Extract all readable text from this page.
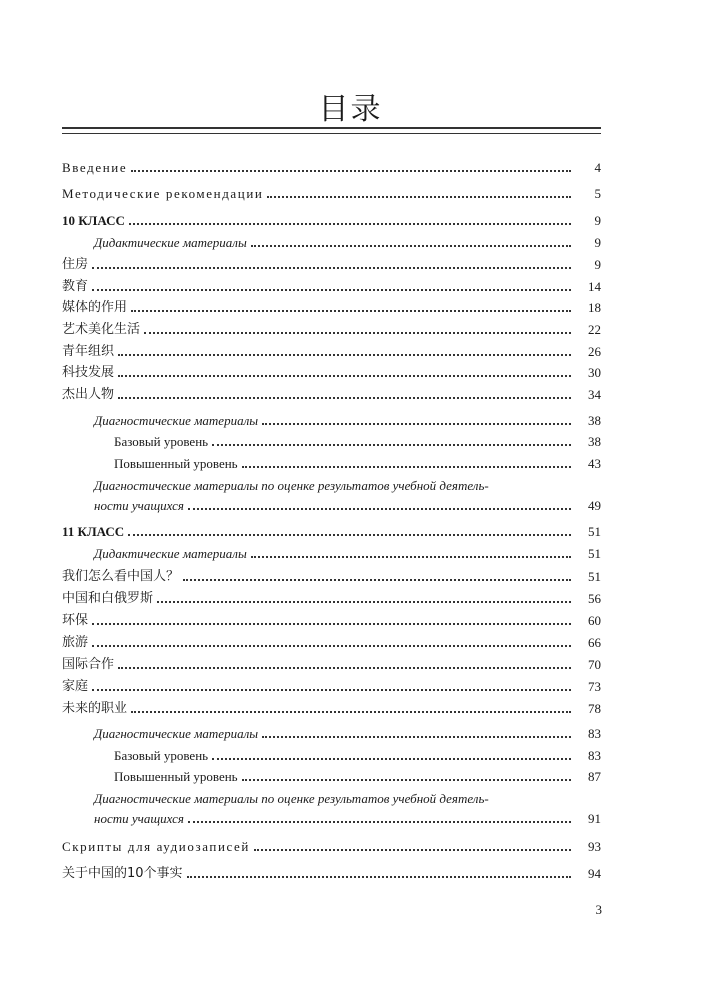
目录
Введение	4
Методические рекомендации	5
10 КЛАСС	9
Дидактические материалы	9
住房	9
教育	14
媒体的作用	18
艺术美化生活	22
青年组织	26
科技发展	30
杰出人物	34
Диагностические материалы	38
Базовый уровень	38
Повышенный уровень	43
Диагностические материалы по оценке результатов учебной деятель-
ности учащихся	49
11 КЛАСС	51
Дидактические материалы	51
我们怎么看中国人？	51
中国和白俄罗斯	56
环保	60
旅游	66
国际合作	70
家庭	73
未来的职业	78
Диагностические материалы	83
Базовый уровень	83
Повышенный уровень	87
Диагностические материалы по оценке результатов учебной деятель-
ности учащихся	91
Скрипты для аудиозаписей	93
关于中国的10个事实	94
3
